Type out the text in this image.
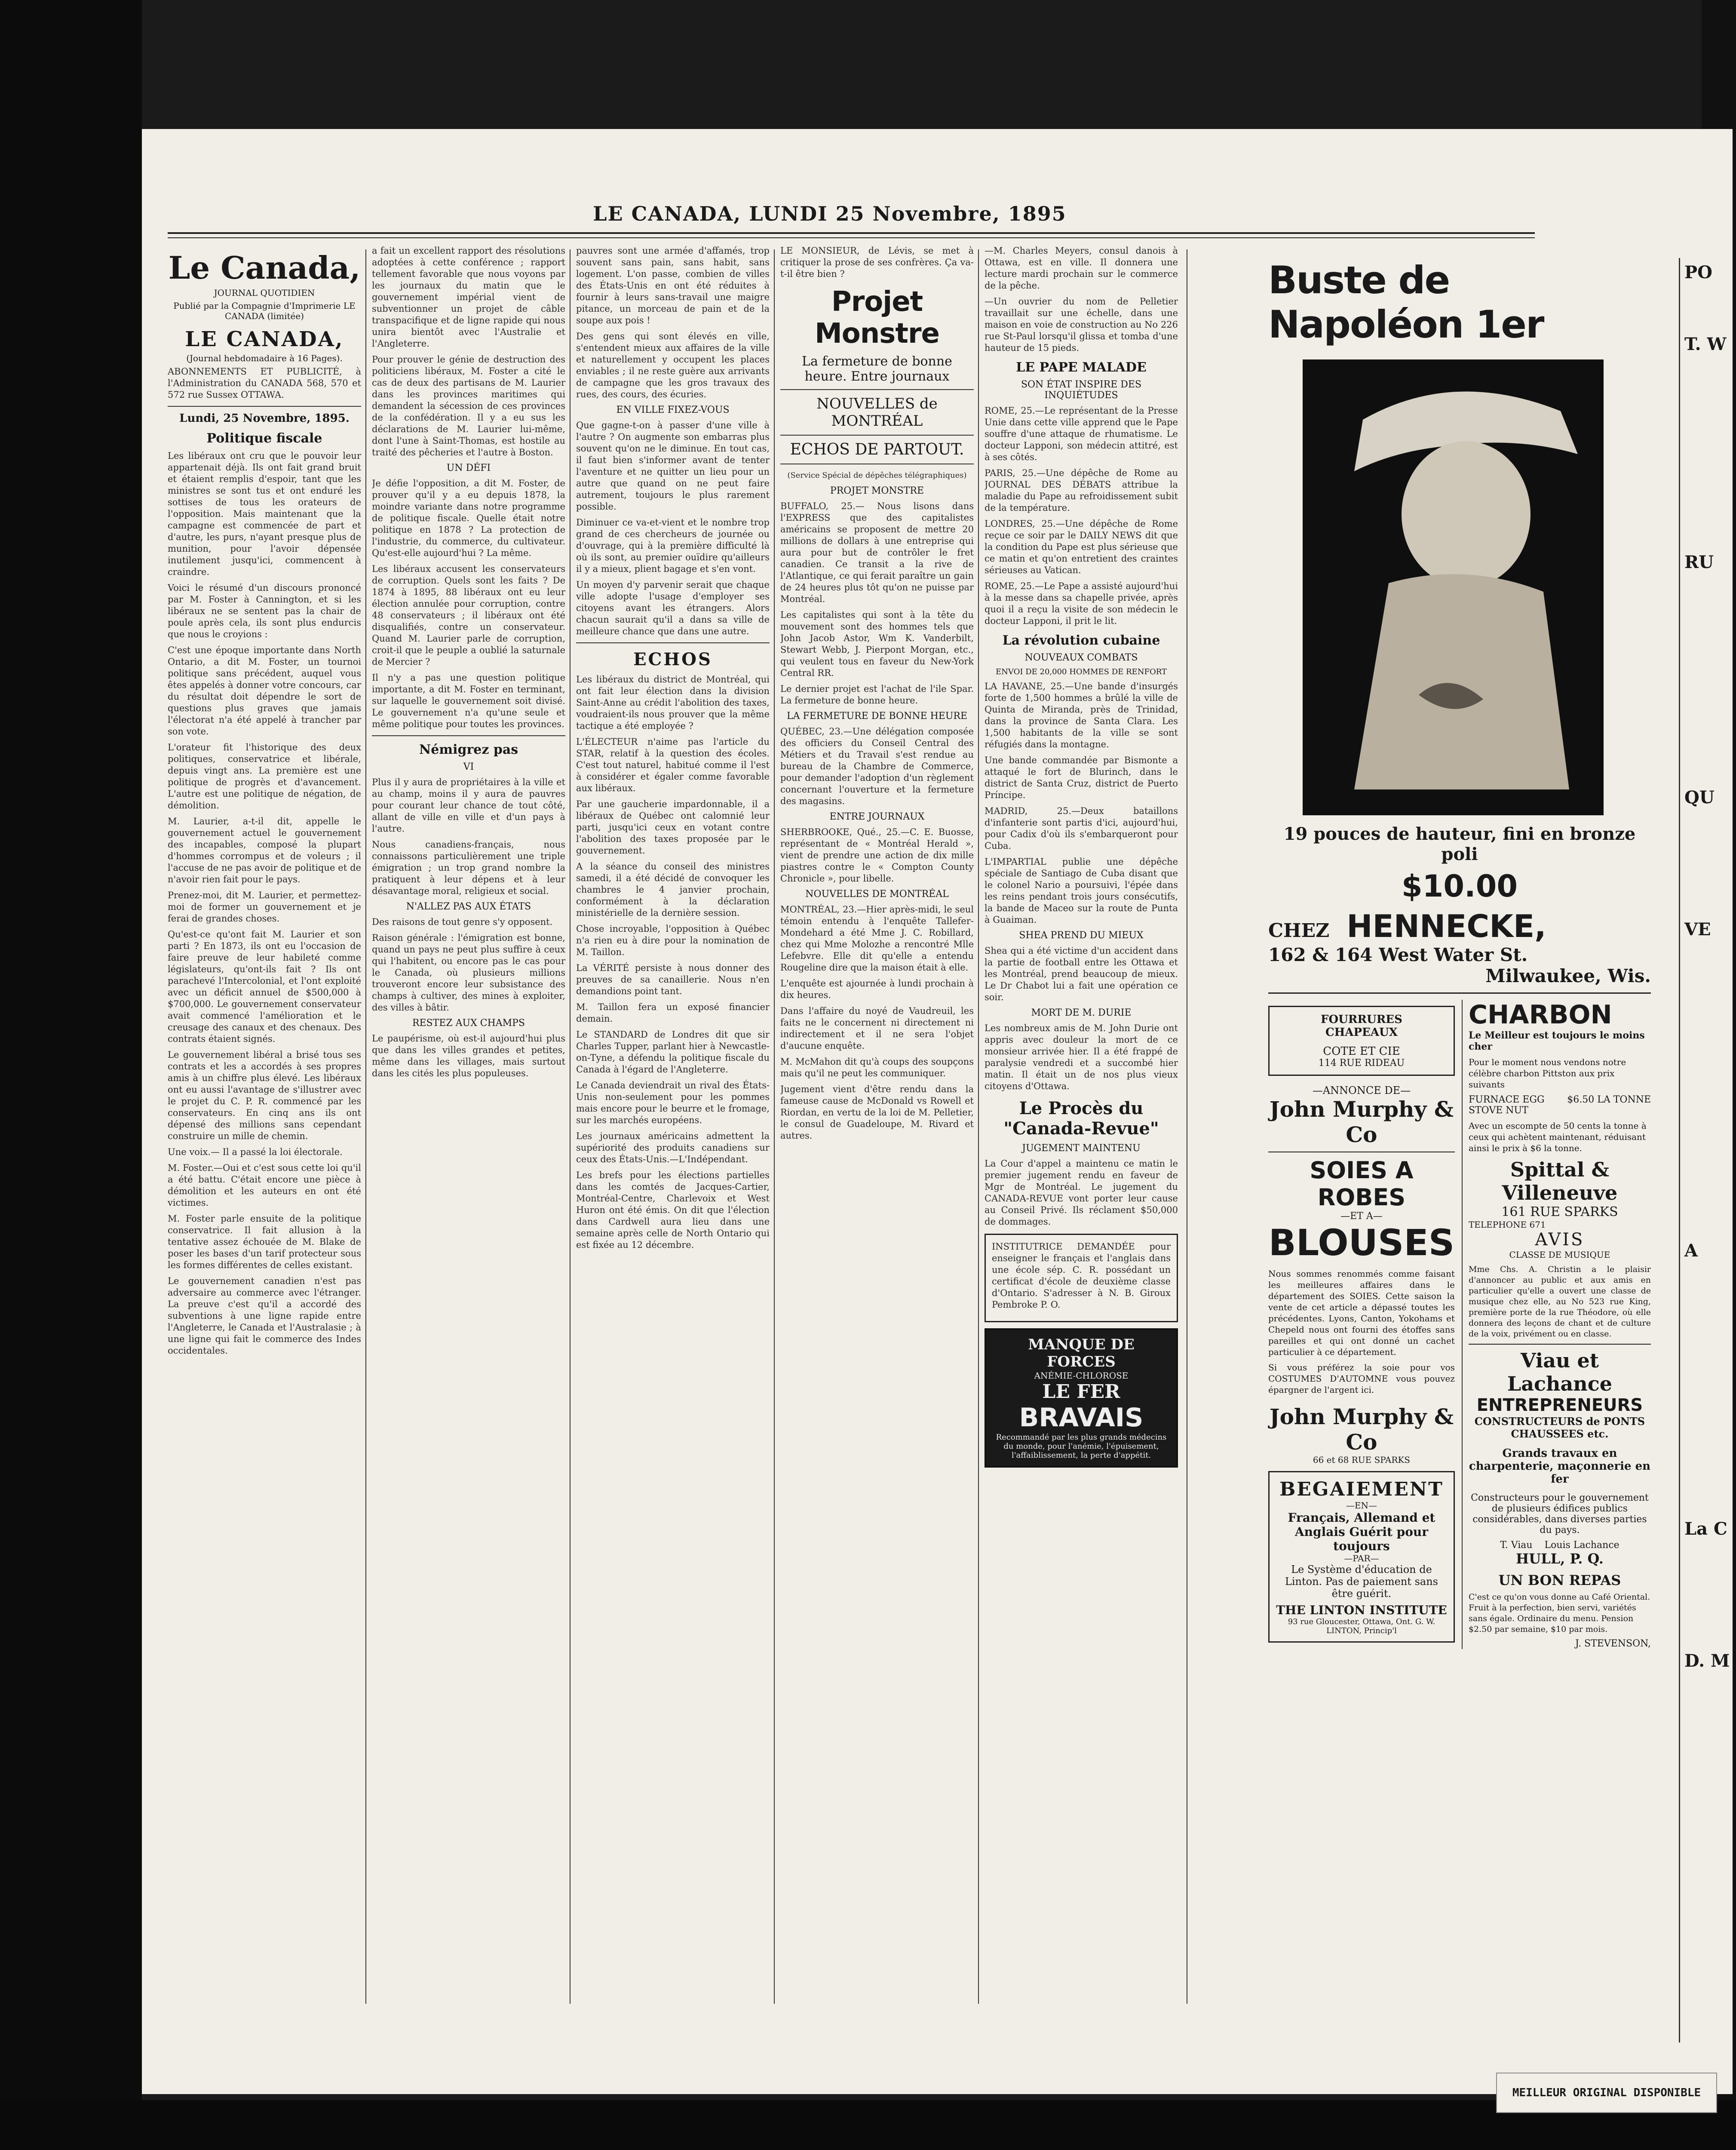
LE CANADA, LUNDI 25 Novembre, 1895
Le Canada,
JOURNAL QUOTIDIEN
Publié par la Compagnie d'Imprimerie LE CANADA (limitée)
LE CANADA,
(Journal hebdomadaire à 16 Pages).

ABONNEMENTS ET PUBLICITÉ, à l'Administration du CANADA 568, 570 et 572 rue Sussex OTTAWA.

Lundi, 25 Novembre, 1895.
Politique fiscale

Les libéraux ont cru que le pouvoir leur appartenait déjà. Ils ont fait grand bruit et étaient remplis d'espoir, tant que les ministres se sont tus et ont enduré les sottises de tous les orateurs de l'opposition. Mais maintenant que la campagne est commencée de part et d'autre, les purs, n'ayant presque plus de munition, pour l'avoir dépensée inutilement jusqu'ici, commencent à craindre.

Voici le résumé d'un discours prononcé par M. Foster à Cannington, et si les libéraux ne se sentent pas la chair de poule après cela, ils sont plus endurcis que nous le croyions :

C'est une époque importante dans North Ontario, a dit M. Foster, un tournoi politique sans précédent, auquel vous êtes appelés à donner votre concours, car du résultat doit dépendre le sort de questions plus graves que jamais l'électorat n'a été appelé à trancher par son vote.

L'orateur fit l'historique des deux politiques, conservatrice et libérale, depuis vingt ans. La première est une politique de progrès et d'avancement. L'autre est une politique de négation, de démolition.

M. Laurier, a-t-il dit, appelle le gouvernement actuel le gouvernement des incapables, composé la plupart d'hommes corrompus et de voleurs ; il l'accuse de ne pas avoir de politique et de n'avoir rien fait pour le pays.

Prenez-moi, dit M. Laurier, et permettez-moi de former un gouvernement et je ferai de grandes choses.

Qu'est-ce qu'ont fait M. Laurier et son parti ? En 1873, ils ont eu l'occasion de faire preuve de leur habileté comme législateurs, qu'ont-ils fait ? Ils ont parachevé l'Intercolonial, et l'ont exploité avec un déficit annuel de $500,000 à $700,000. Le gouvernement conservateur avait commencé l'amélioration et le creusage des canaux et des chenaux. Des contrats étaient signés.

Le gouvernement libéral a brisé tous ses contrats et les a accordés à ses propres amis à un chiffre plus élevé. Les libéraux ont eu aussi l'avantage de s'illustrer avec le projet du C. P. R. commencé par les conservateurs. En cinq ans ils ont dépensé des millions sans cependant construire un mille de chemin.

Une voix.— Il a passé la loi électorale.

M. Foster.—Oui et c'est sous cette loi qu'il a été battu. C'était encore une pièce à démolition et les auteurs en ont été victimes.

M. Foster parle ensuite de la politique conservatrice. Il fait allusion à la tentative assez échouée de M. Blake de poser les bases d'un tarif protecteur sous les formes différentes de celles existant.

Le gouvernement canadien n'est pas adversaire au commerce avec l'étranger. La preuve c'est qu'il a accordé des subventions à une ligne rapide entre l'Angleterre, le Canada et l'Australasie ; à une ligne qui fait le commerce des Indes occidentales.

a fait un excellent rapport des résolutions adoptées à cette conférence ; rapport tellement favorable que nous voyons par les journaux du matin que le gouvernement impérial vient de subventionner un projet de câble transpacifique et de ligne rapide qui nous unira bientôt avec l'Australie et l'Angleterre.

Pour prouver le génie de destruction des politiciens libéraux, M. Foster a cité le cas de deux des partisans de M. Laurier dans les provinces maritimes qui demandent la sécession de ces provinces de la confédération. Il y a eu sus les déclarations de M. Laurier lui-même, dont l'une à Saint-Thomas, est hostile au traité des pêcheries et l'autre à Boston.

UN DÉFI

Je défie l'opposition, a dit M. Foster, de prouver qu'il y a eu depuis 1878, la moindre variante dans notre programme de politique fiscale. Quelle était notre politique en 1878 ? La protection de l'industrie, du commerce, du cultivateur. Qu'est-elle aujourd'hui ? La même.

Les libéraux accusent les conservateurs de corruption. Quels sont les faits ? De 1874 à 1895, 88 libéraux ont eu leur élection annulée pour corruption, contre 48 conservateurs ; il libéraux ont été disqualifiés, contre un conservateur. Quand M. Laurier parle de corruption, croit-il que le peuple a oublié la saturnale de Mercier ?

Il n'y a pas une question politique importante, a dit M. Foster en terminant, sur laquelle le gouvernement soit divisé. Le gouvernement n'a qu'une seule et même politique pour toutes les provinces.

Némigrez pas
VI

Plus il y aura de propriétaires à la ville et au champ, moins il y aura de pauvres pour courant leur chance de tout côté, allant de ville en ville et d'un pays à l'autre.

Nous canadiens-français, nous connaissons particulièrement une triple émigration ; un trop grand nombre la pratiquent à leur dépens et à leur désavantage moral, religieux et social.

N'ALLEZ PAS AUX ÉTATS

Des raisons de tout genre s'y opposent.

Raison générale : l'émigration est bonne, quand un pays ne peut plus suffire à ceux qui l'habitent, ou encore pas le cas pour le Canada, où plusieurs millions trouveront encore leur subsistance des champs à cultiver, des mines à exploiter, des villes à bâtir.

RESTEZ AUX CHAMPS

Le paupérisme, où est-il aujourd'hui plus que dans les villes grandes et petites, même dans les villages, mais surtout dans les cités les plus populeuses.

pauvres sont une armée d'affamés, trop souvent sans pain, sans habit, sans logement. L'on passe, combien de villes des États-Unis en ont été réduites à fournir à leurs sans-travail une maigre pitance, un morceau de pain et de la soupe aux pois !

Des gens qui sont élevés en ville, s'entendent mieux aux affaires de la ville et naturellement y occupent les places enviables ; il ne reste guère aux arrivants de campagne que les gros travaux des rues, des cours, des écuries.

EN VILLE FIXEZ-VOUS

Que gagne-t-on à passer d'une ville à l'autre ? On augmente son embarras plus souvent qu'on ne le diminue. En tout cas, il faut bien s'informer avant de tenter l'aventure et ne quitter un lieu pour un autre que quand on ne peut faire autrement, toujours le plus rarement possible.

Diminuer ce va-et-vient et le nombre trop grand de ces chercheurs de journée ou d'ouvrage, qui à la première difficulté là où ils sont, au premier ouïdire qu'ailleurs il y a mieux, plient bagage et s'en vont.

Un moyen d'y parvenir serait que chaque ville adopte l'usage d'employer ses citoyens avant les étrangers. Alors chacun saurait qu'il a dans sa ville de meilleure chance que dans une autre.

ECHOS

Les libéraux du district de Montréal, qui ont fait leur élection dans la division Saint-Anne au crédit l'abolition des taxes, voudraient-ils nous prouver que la même tactique a été employée ?

L'ÉLECTEUR n'aime pas l'article du STAR, relatif à la question des écoles. C'est tout naturel, habitué comme il l'est à considérer et égaler comme favorable aux libéraux.

Par une gaucherie impardonnable, il a libéraux de Québec ont calomnié leur parti, jusqu'ici ceux en votant contre l'abolition des taxes proposée par le gouvernement.

A la séance du conseil des ministres samedi, il a été décidé de convoquer les chambres le 4 janvier prochain, conformément à la déclaration ministérielle de la dernière session.

Chose incroyable, l'opposition à Québec n'a rien eu à dire pour la nomination de M. Taillon.

La VÉRITÉ persiste à nous donner des preuves de sa canaillerie. Nous n'en demandions point tant.

M. Taillon fera un exposé financier demain.

Le STANDARD de Londres dit que sir Charles Tupper, parlant hier à Newcastle-on-Tyne, a défendu la politique fiscale du Canada à l'égard de l'Angleterre.

Le Canada deviendrait un rival des États-Unis non-seulement pour les pommes mais encore pour le beurre et le fromage, sur les marchés européens.

Les journaux américains admettent la supériorité des produits canadiens sur ceux des États-Unis.—L'Indépendant.

Les brefs pour les élections partielles dans les comtés de Jacques-Cartier, Montréal-Centre, Charlevoix et West Huron ont été émis. On dit que l'élection dans Cardwell aura lieu dans une semaine après celle de North Ontario qui est fixée au 12 décembre.

LE MONSIEUR, de Lévis, se met à critiquer la prose de ses confrères. Ça va-t-il être bien ?

Projet Monstre
La fermeture de bonne heure. Entre journaux
NOUVELLES de MONTRÉAL
ECHOS DE PARTOUT.

(Service Spécial de dépêches télégraphiques)

PROJET MONSTRE

BUFFALO, 25.— Nous lisons dans l'EXPRESS que des capitalistes américains se proposent de mettre 20 millions de dollars à une entreprise qui aura pour but de contrôler le fret canadien. Ce transit a la rive de l'Atlantique, ce qui ferait paraître un gain de 24 heures plus tôt qu'on ne puisse par Montréal.

Les capitalistes qui sont à la tête du mouvement sont des hommes tels que John Jacob Astor, Wm K. Vanderbilt, Stewart Webb, J. Pierpont Morgan, etc., qui veulent tous en faveur du New-York Central RR.

Le dernier projet est l'achat de l'ile Spar. La fermeture de bonne heure.

LA FERMETURE DE BONNE HEURE

QUÉBEC, 23.—Une délégation composée des officiers du Conseil Central des Métiers et du Travail s'est rendue au bureau de la Chambre de Commerce, pour demander l'adoption d'un règlement concernant l'ouverture et la fermeture des magasins.

ENTRE JOURNAUX

SHERBROOKE, Qué., 25.—C. E. Buosse, représentant de « Montréal Herald », vient de prendre une action de dix mille piastres contre le « Compton County Chronicle », pour libelle.

NOUVELLES DE MONTRÉAL

MONTRÉAL, 23.—Hier après-midi, le seul témoin entendu à l'enquête Tallefer-Mondehard a été Mme J. C. Robillard, chez qui Mme Molozhe a rencontré Mlle Lefebvre. Elle dit qu'elle a entendu Rougeline dire que la maison était à elle.

L'enquête est ajournée à lundi prochain à dix heures.

Dans l'affaire du noyé de Vaudreuil, les faits ne le concernent ni directement ni indirectement et il ne sera l'objet d'aucune enquête.

M. McMahon dit qu'à coups des soupçons mais qu'il ne peut les communiquer.

Jugement vient d'être rendu dans la fameuse cause de McDonald vs Rowell et Riordan, en vertu de la loi de M. Pelletier, le consul de Guadeloupe, M. Rivard et autres.

—M. Charles Meyers, consul danois à Ottawa, est en ville. Il donnera une lecture mardi prochain sur le commerce de la pêche.

—Un ouvrier du nom de Pelletier travaillait sur une échelle, dans une maison en voie de construction au No 226 rue St-Paul lorsqu'il glissa et tomba d'une hauteur de 15 pieds.

LE PAPE MALADE
SON ÉTAT INSPIRE DES INQUIÉTUDES

ROME, 25.—Le représentant de la Presse Unie dans cette ville apprend que le Pape souffre d'une attaque de rhumatisme. Le docteur Lapponi, son médecin attitré, est à ses côtés.

PARIS, 25.—Une dépêche de Rome au JOURNAL DES DÉBATS attribue la maladie du Pape au refroidissement subit de la température.

LONDRES, 25.—Une dépêche de Rome reçue ce soir par le DAILY NEWS dit que la condition du Pape est plus sérieuse que ce matin et qu'on entretient des craintes sérieuses au Vatican.

ROME, 25.—Le Pape a assisté aujourd'hui à la messe dans sa chapelle privée, après quoi il a reçu la visite de son médecin le docteur Lapponi, il prit le lit.

La révolution cubaine
NOUVEAUX COMBATS
ENVOI DE 20,000 HOMMES DE RENFORT

LA HAVANE, 25.—Une bande d'insurgés forte de 1,500 hommes a brûlé la ville de Quinta de Miranda, près de Trinidad, dans la province de Santa Clara. Les 1,500 habitants de la ville se sont réfugiés dans la montagne.

Une bande commandée par Bismonte a attaqué le fort de Blurinch, dans le district de Santa Cruz, district de Puerto Príncipe.

MADRID, 25.—Deux bataillons d'infanterie sont partis d'ici, aujourd'hui, pour Cadix d'où ils s'embarqueront pour Cuba.

L'IMPARTIAL publie une dépêche spéciale de Santiago de Cuba disant que le colonel Nario a poursuivi, l'épée dans les reins pendant trois jours consécutifs, la bande de Maceo sur la route de Punta à Guaiman.

SHEA PREND DU MIEUX

Shea qui a été victime d'un accident dans la partie de football entre les Ottawa et les Montréal, prend beaucoup de mieux. Le Dr Chabot lui a fait une opération ce soir.

MORT DE M. DURIE

Les nombreux amis de M. John Durie ont appris avec douleur la mort de ce monsieur arrivée hier. Il a été frappé de paralysie vendredi et a succombé hier matin. Il était un de nos plus vieux citoyens d'Ottawa.

Le Procès du "Canada-Revue"
JUGEMENT MAINTENU

La Cour d'appel a maintenu ce matin le premier jugement rendu en faveur de Mgr de Montréal. Le jugement du CANADA-REVUE vont porter leur cause au Conseil Privé. Ils réclament $50,000 de dommages.

INSTITUTRICE DEMANDÉE pour enseigner le français et l'anglais dans une école sép. C. R. possédant un certificat d'école de deuxième classe d'Ontario. S'adresser à N. B. Giroux Pembroke P. O.

MANQUE DE FORCES
ANÉMIE-CHLOROSE
LE FER
BRAVAIS
Recommandé par les plus grands médecins du monde, pour l'anémie, l'épuisement, l'affaiblissement, la perte d'appétit.
Buste de Napoléon 1er
19 pouces de hauteur, fini en bronze poli
$10.00
CHEZ HENNECKE,
162 & 164 West Water St.
Milwaukee, Wis.
FOURRURES
CHAPEAUX
COTE ET CIE
114 RUE RIDEAU
—ANNONCE DE—
John Murphy & Co
SOIES A ROBES
—ET A—
BLOUSES

Nous sommes renommés comme faisant les meilleures affaires dans le département des SOIES. Cette saison la vente de cet article a dépassé toutes les précédentes. Lyons, Canton, Yokohams et Chepeld nous ont fourni des étoffes sans pareilles et qui ont donné un cachet particulier à ce département.

Si vous préférez la soie pour vos COSTUMES D'AUTOMNE vous pouvez épargner de l'argent ici.

John Murphy & Co
66 et 68 RUE SPARKS
BEGAIEMENT
—EN—
Français, Allemand et Anglais Guérit pour toujours
—PAR—
Le Système d'éducation de Linton. Pas de paiement sans être guérit.
THE LINTON INSTITUTE
93 rue Gloucester, Ottawa, Ont. G. W. LINTON, Princip'l
CHARBON
Le Meilleur est toujours le moins cher

Pour le moment nous vendons notre célèbre charbon Pittston aux prix suivants

FURNACE EGG STOVE NUT
$6.50 LA TONNE

Avec un escompte de 50 cents la tonne à ceux qui achètent maintenant, réduisant ainsi le prix à $6 la tonne.

Spittal & Villeneuve
161 RUE SPARKS
TELEPHONE 671
AVIS
CLASSE DE MUSIQUE

Mme Chs. A. Christin a le plaisir d'annoncer au public et aux amis en particulier qu'elle a ouvert une classe de musique chez elle, au No 523 rue King, première porte de la rue Théodore, où elle donnera des leçons de chant et de culture de la voix, privément ou en classe.

Viau et Lachance
ENTREPRENEURS
CONSTRUCTEURS de PONTS CHAUSSEES etc.

Grands travaux en charpenterie, maçonnerie en fer

Constructeurs pour le gouvernement de plusieurs édifices publics considérables, dans diverses parties du pays.

T. Viau    Louis Lachance
HULL, P. Q.
UN BON REPAS

C'est ce qu'on vous donne au Café Oriental. Fruit à la perfection, bien servi, variétés sans égale. Ordinaire du menu. Pension $2.50 par semaine, $10 par mois.

J. STEVENSON,
PO
T. W
RU
QU
VE
A
La C
D. M
MEILLEUR ORIGINAL DISPONIBLE
